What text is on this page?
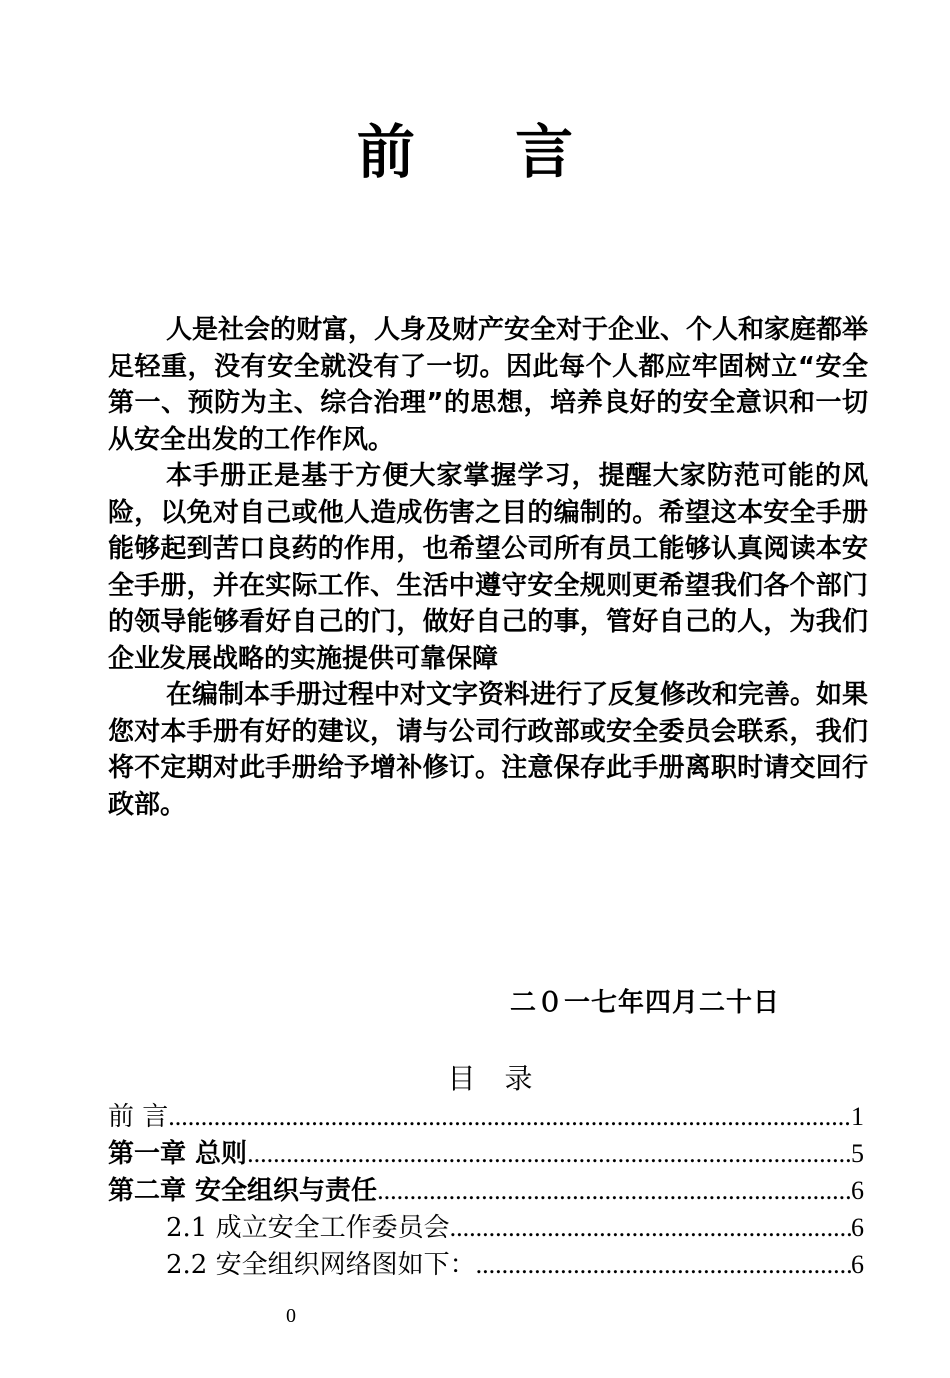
前 言

人是社会的财富，人身及财产安全对于企业、个人和家庭都举足轻重，没有安全就没有了一切。因此每个人都应牢固树立“安全第一、预防为主、综合治理”的思想，培养良好的安全意识和一切从安全出发的工作作风。

本手册正是基于方便大家掌握学习，提醒大家防范可能的风险，以免对自己或他人造成伤害之目的编制的。希望这本安全手册能够起到苦口良药的作用，也希望公司所有员工能够认真阅读本安全手册，并在实际工作、生活中遵守安全规则更希望我们各个部门的领导能够看好自己的门，做好自己的事，管好自己的人，为我们企业发展战略的实施提供可靠保障

在编制本手册过程中对文字资料进行了反复修改和完善。如果您对本手册有好的建议，请与公司行政部或安全委员会联系，我们将不定期对此手册给予增补修订。注意保存此手册离职时请交回行政部。

二０一七年四月二十日
目 录
前 言 .....	1
第一章 总则 .....	5
第二章 安全组织与责任 .....	6
2.1 成立安全工作委员会 .....	6
2.2 安全组织网络图如下： .....	6
0
